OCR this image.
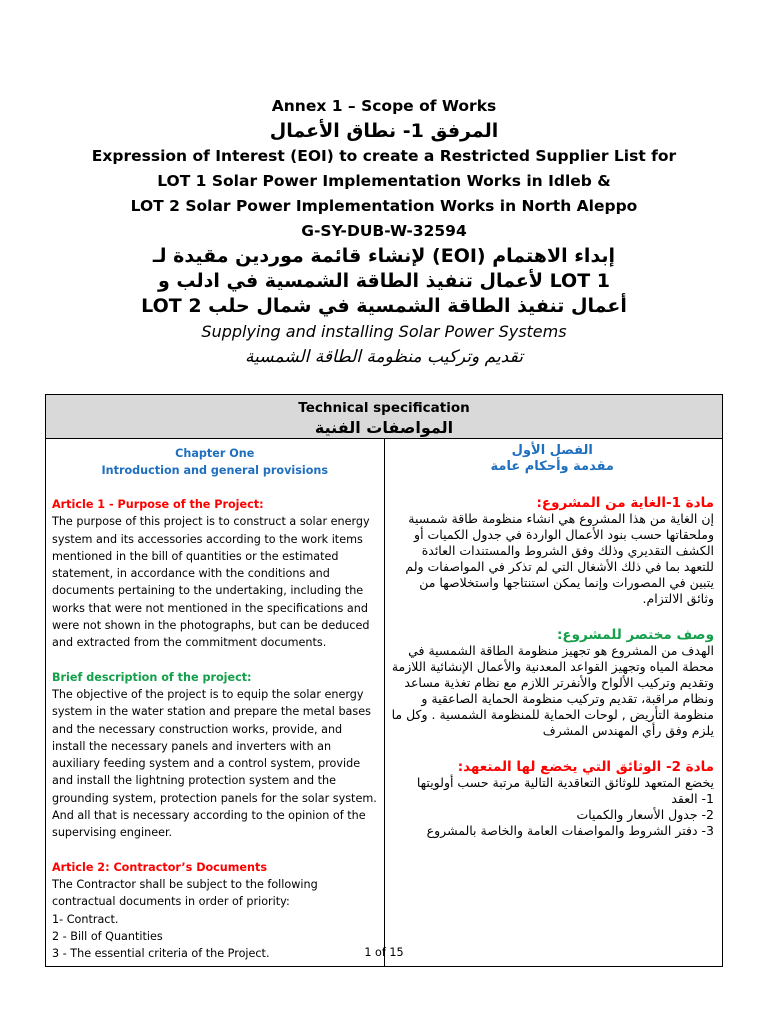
Annex 1 – Scope of Works
المرفق 1- نطاق الأعمال
Expression of Interest (EOI) to create a Restricted Supplier List for
LOT 1 Solar Power Implementation Works in Idleb &
LOT 2 Solar Power Implementation Works in North Aleppo
G-SY-DUB-W-32594
لإنشاء قائمة موردين مقيدة لـ (EOI) إبداء الاهتمام
لأعمال تنفيذ الطاقة الشمسية في ادلب و LOT 1
LOT 2 أعمال تنفيذ الطاقة الشمسية في شمال حلب
Supplying and installing Solar Power Systems
تقديم وتركيب منظومة الطاقة الشمسية
Technical specification
المواصفات الفنية

Chapter One
Introduction and general provisions

Article 1 - Purpose of the Project:

The purpose of this project is to construct a solar energy system and its accessories according to the work items mentioned in the bill of quantities or the estimated statement, in accordance with the conditions and documents pertaining to the undertaking, including the works that were not mentioned in the specifications and were not shown in the photographs, but can be deduced and extracted from the commitment documents.

Brief description of the project:

The objective of the project is to equip the solar energy system in the water station and prepare the metal bases and the necessary construction works, provide, and install the necessary panels and inverters with an auxiliary feeding system and a control system, provide and install the lightning protection system and the grounding system, protection panels for the solar system. And all that is necessary according to the opinion of the supervising engineer.

Article 2: Contractor’s Documents

The Contractor shall be subject to the following contractual documents in order of priority:

1- Contract.

2 - Bill of Quantities

3 - The essential criteria of the Project.

الفصل الأول
مقدمة وأحكام عامة

مادة 1-الغاية من المشروع:

إن الغاية من هذا المشروع هي انشاء منظومة طاقة شمسية وملحقاتها حسب بنود الأعمال الواردة في جدول الكميات أو الكشف التقديري وذلك وفق الشروط والمستندات العائدة للتعهد بما في ذلك الأشغال التي لم تذكر في المواصفات ولم يتبين في المصورات وإنما يمكن استنتاجها واستخلاصها من وثائق الالتزام.

وصف مختصر للمشروع:

الهدف من المشروع هو تجهيز منظومة الطاقة الشمسية في محطة المياه وتجهيز القواعد المعدنية والأعمال الإنشائية اللازمة وتقديم وتركيب الألواح والأنفرتر اللازم مع نظام تغذية مساعد ونظام مراقبة، تقديم وتركيب منظومة الحماية الصاعقية و منظومة التأريض , لوحات الحماية للمنظومة الشمسية . وكل ما يلزم وفق رأي المهندس المشرف

مادة 2- الوثائق التي يخضع لها المتعهد:

يخضع المتعهد للوثائق التعاقدية التالية مرتبة حسب أولويتها

1- العقد

2- جدول الأسعار والكميات

3- دفتر الشروط والمواصفات العامة والخاصة بالمشروع

1 of 15
